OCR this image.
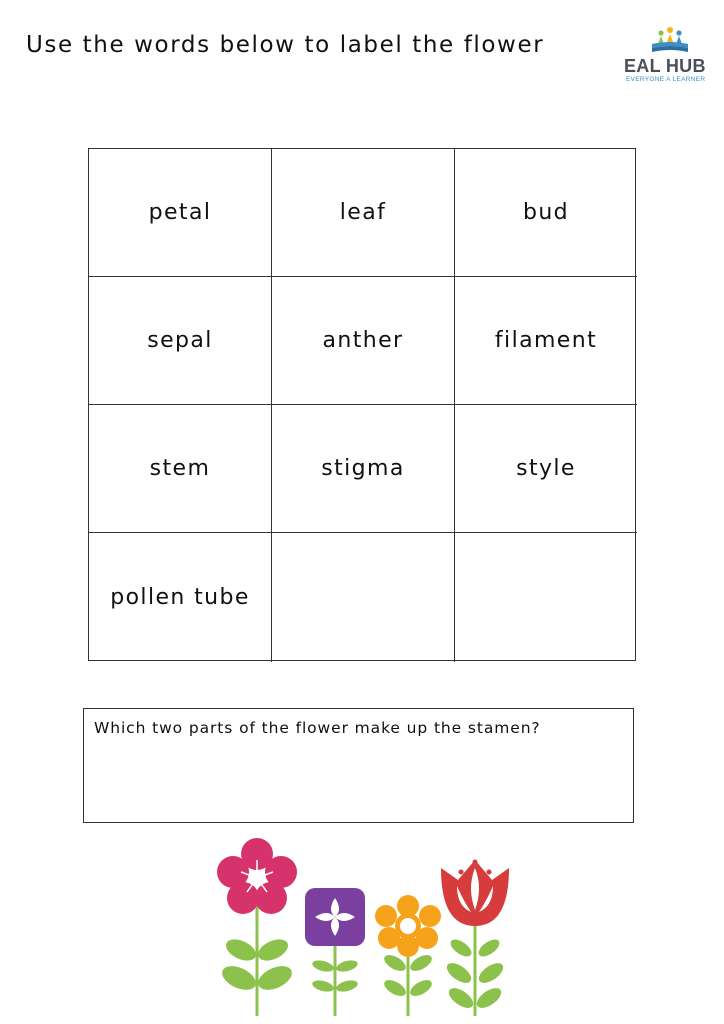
Use the words below to label the flower
EAL HUB
EVERYONE A LEARNER
petal	leaf	bud
sepal	anther	filament
stem	stigma	style
pollen tube
Which two parts of the flower make up the stamen?
